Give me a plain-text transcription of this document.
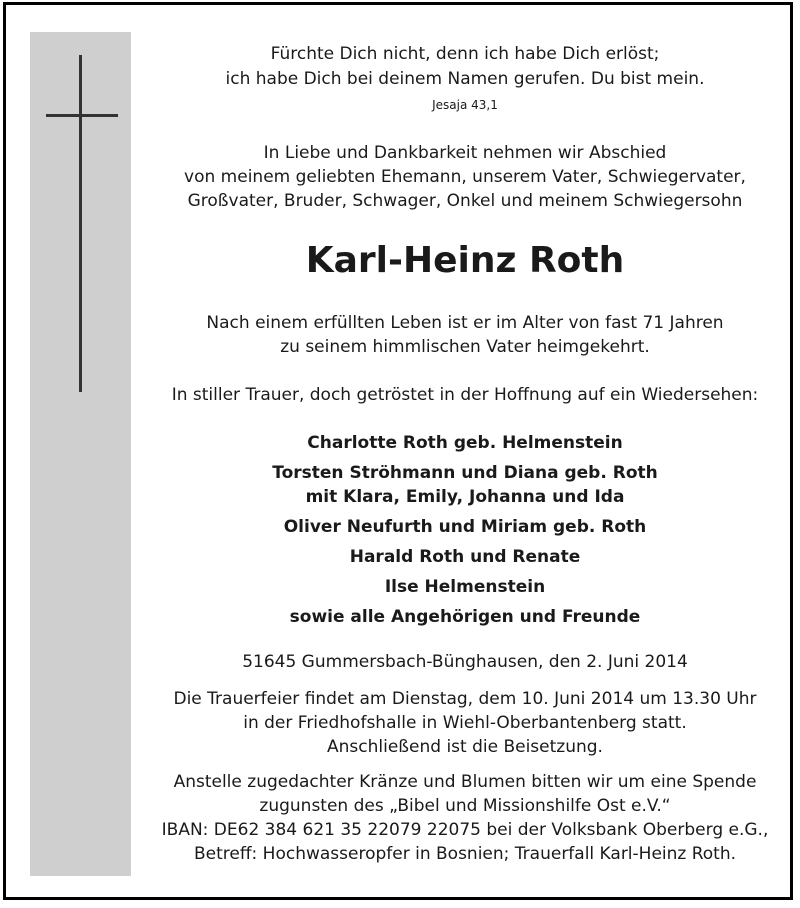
Fürchte Dich nicht, denn ich habe Dich erlöst;
ich habe Dich bei deinem Namen gerufen. Du bist mein.
Jesaja 43,1
In Liebe und Dankbarkeit nehmen wir Abschied
von meinem geliebten Ehemann, unserem Vater, Schwiegervater,
Großvater, Bruder, Schwager, Onkel und meinem Schwiegersohn
Karl-Heinz Roth
Nach einem erfüllten Leben ist er im Alter von fast 71 Jahren
zu seinem himmlischen Vater heimgekehrt.
In stiller Trauer, doch getröstet in der Hoffnung auf ein Wiedersehen:
Charlotte Roth geb. Helmenstein
Torsten Ströhmann und Diana geb. Roth
mit Klara, Emily, Johanna und Ida
Oliver Neufurth und Miriam geb. Roth
Harald Roth und Renate
Ilse Helmenstein
sowie alle Angehörigen und Freunde
51645 Gummersbach-Bünghausen, den 2. Juni 2014
Die Trauerfeier findet am Dienstag, dem 10. Juni 2014 um 13.30 Uhr
in der Friedhofshalle in Wiehl-Oberbantenberg statt.
Anschließend ist die Beisetzung.
Anstelle zugedachter Kränze und Blumen bitten wir um eine Spende
zugunsten des „Bibel und Missionshilfe Ost e.V.“
IBAN: DE62 384 621 35 22079 22075 bei der Volksbank Oberberg e.G.,
Betreff: Hochwasseropfer in Bosnien; Trauerfall Karl-Heinz Roth.
